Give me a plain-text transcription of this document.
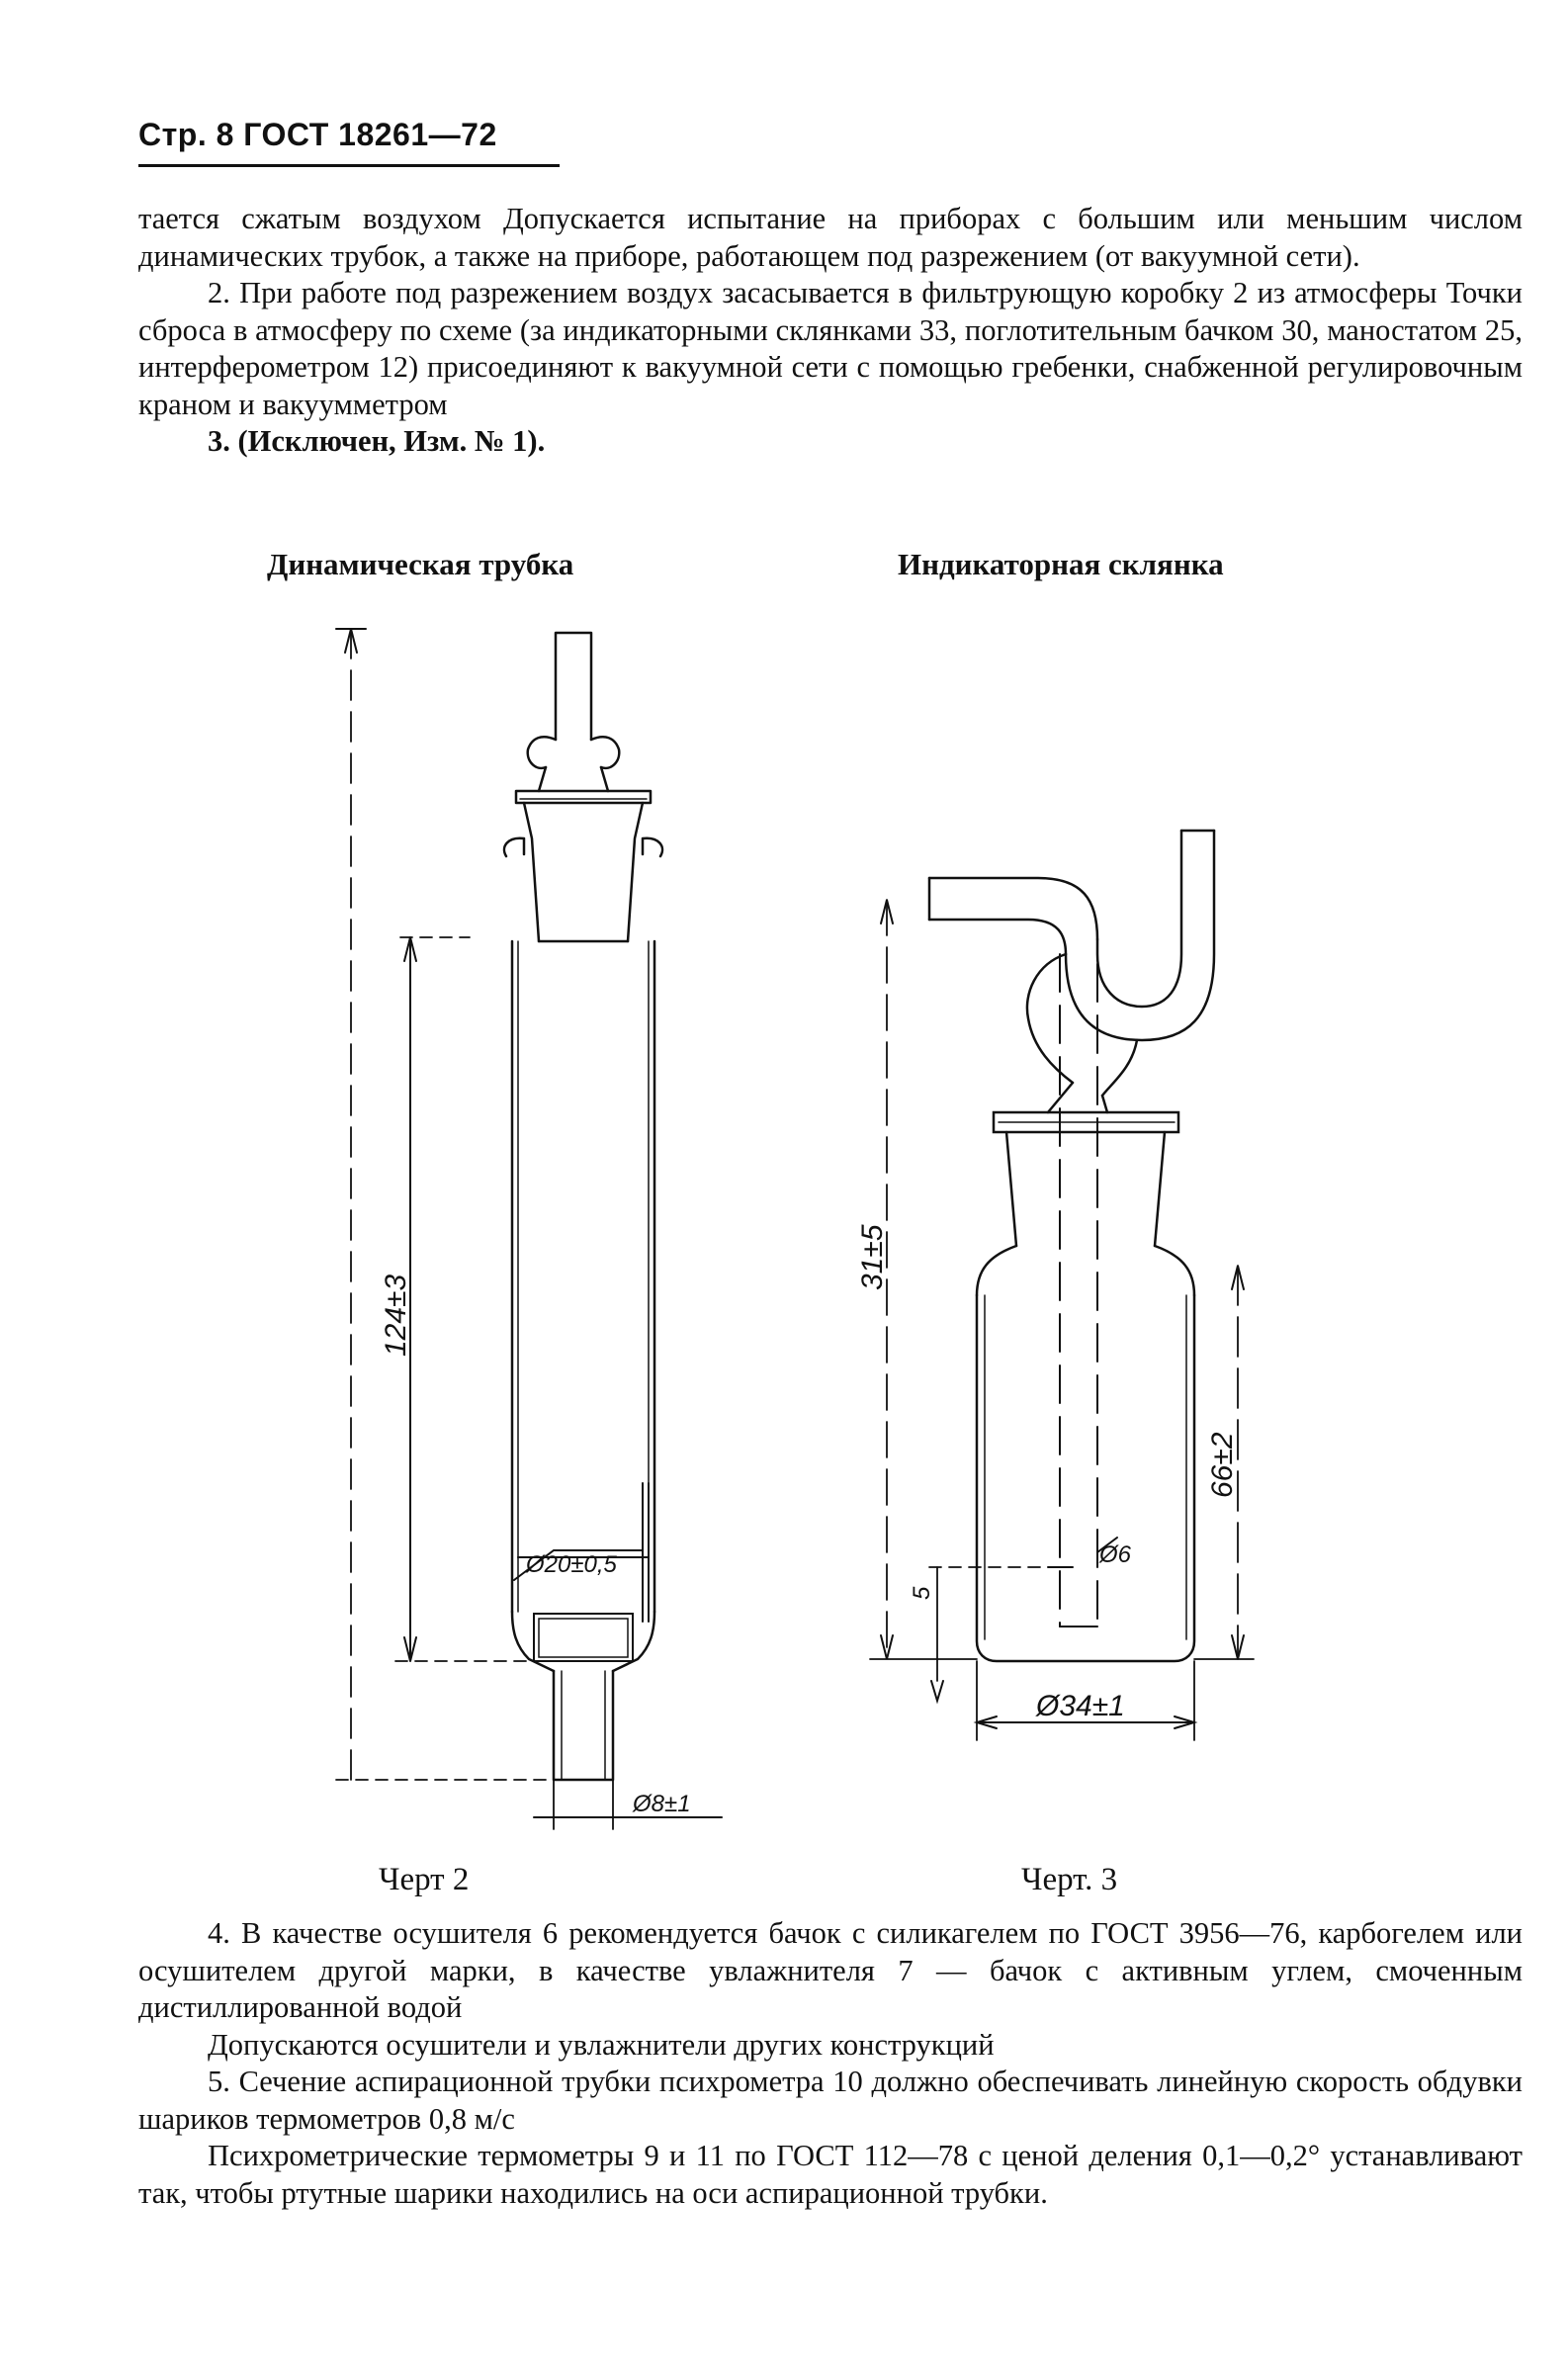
Стр. 8 ГОСТ 18261—72

тается сжатым воздухом Допускается испытание на приборах с большим или меньшим числом динамических трубок, а также на приборе, работающем под разрежением (от вакуумной сети).

2. При работе под разрежением воздух засасывается в фильтрующую коробку 2 из атмосферы Точки сброса в атмосферу по схеме (за индикаторными склянками 33, поглотительным бачком 30, маностатом 25, интерферометром 12) присоединяют к вакуумной сети с помощью гребенки, снабженной регулировочным краном и вакуумметром

3. (Исключен, Изм. № 1).

Динамическая трубка	Индикаторная склянка
124±3
Ø20±0,5
Ø8±1
31±5
66±2
5
Ø6
Ø34±1
Черт 2	Черт. 3

4. В качестве осушителя 6 рекомендуется бачок с силикагелем по ГОСТ 3956—76, карбогелем или осушителем другой марки, в качестве увлажнителя 7 — бачок с активным углем, смоченным дистиллированной водой

Допускаются осушители и увлажнители других конструкций

5. Сечение аспирационной трубки психрометра 10 должно обеспечивать линейную скорость обдувки шариков термометров 0,8 м/с

Психрометрические термометры 9 и 11 по ГОСТ 112—78 с ценой деления 0,1—0,2° устанавливают так, чтобы ртутные шарики находились на оси аспирационной трубки.
